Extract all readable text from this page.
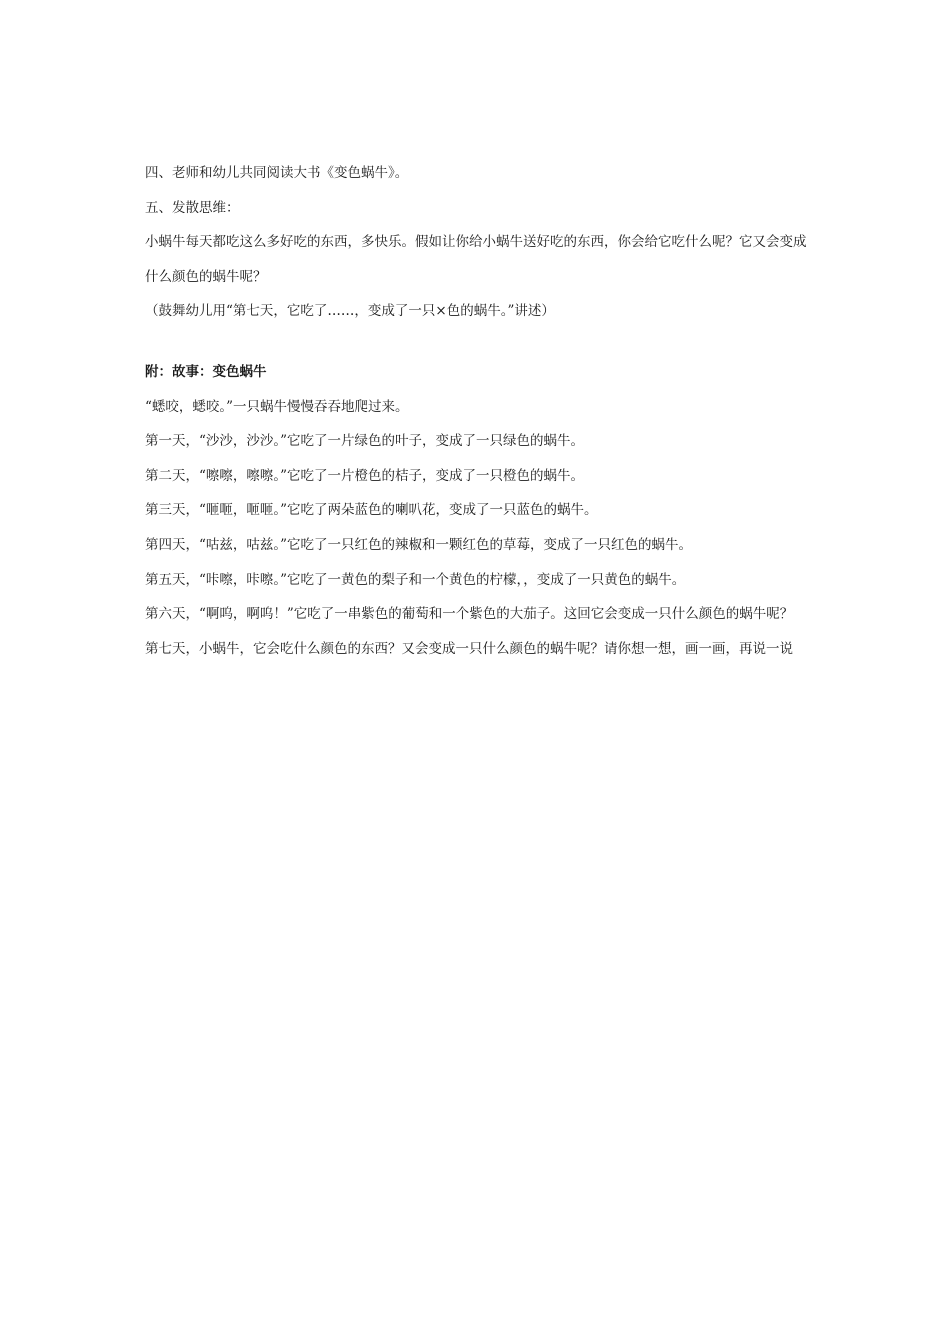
四、老师和幼儿共同阅读大书《变色蜗牛》。

五、发散思维：

小蜗牛每天都吃这么多好吃的东西，多快乐。假如让你给小蜗牛送好吃的东西，你会给它吃什么呢？它又会变成什么颜色的蜗牛呢？

（鼓舞幼儿用“第七天，它吃了……，变成了一只×色的蜗牛。”讲述）

附：故事：变色蜗牛

“蟋咬，蟋咬。”一只蜗牛慢慢吞吞地爬过来。

第一天，“沙沙，沙沙。”它吃了一片绿色的叶子，变成了一只绿色的蜗牛。

第二天，“嚓嚓，嚓嚓。”它吃了一片橙色的桔子，变成了一只橙色的蜗牛。

第三天，“咂咂，咂咂。”它吃了两朵蓝色的喇叭花，变成了一只蓝色的蜗牛。

第四天，“咕兹，咕兹。”它吃了一只红色的辣椒和一颗红色的草莓，变成了一只红色的蜗牛。

第五天，“咔嚓，咔嚓。”它吃了一黄色的梨子和一个黄色的柠檬，，变成了一只黄色的蜗牛。

第六天，“啊呜，啊呜！”它吃了一串紫色的葡萄和一个紫色的大茄子。这回它会变成一只什么颜色的蜗牛呢？

第七天，小蜗牛，它会吃什么颜色的东西？又会变成一只什么颜色的蜗牛呢？请你想一想，画一画，再说一说
